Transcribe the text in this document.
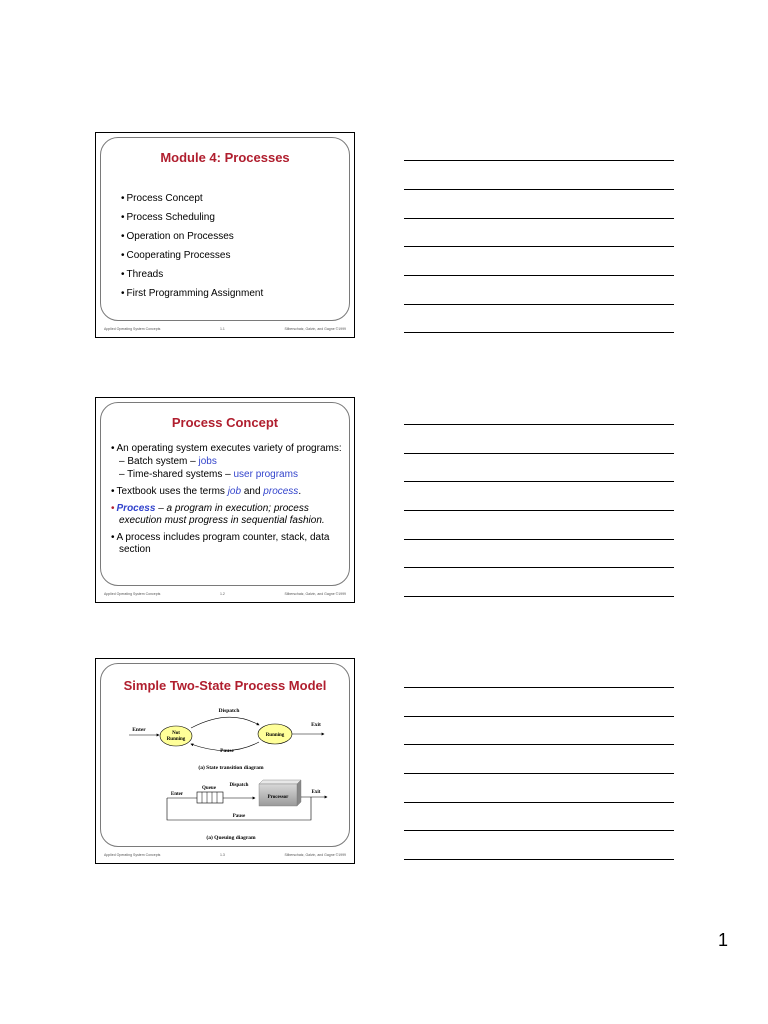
Module 4: Processes
• Process Concept
• Process Scheduling
• Operation on Processes
• Cooperating Processes
• Threads
• First Programming Assignment
Applied Operating System Concepts	1.1	Silberschatz, Galvin, and Gagne ©1999
Process Concept
• An operating system executes variety of programs:
– Batch system – jobs
– Time-shared systems – user programs
• Textbook uses the terms job and process.
• Process – a program in execution; process execution must progress in sequential fashion.
• A process includes program counter, stack, data section
Applied Operating System Concepts	1.2	Silberschatz, Galvin, and Gagne ©1999
Simple Two-State Process Model
Dispatch
Enter
Not
Running
Running
Exit
Pause
(a) State transition diagram
Queue
Dispatch
Enter
Processor
Exit
Pause
(a) Queuing diagram
Applied Operating System Concepts	1.3	Silberschatz, Galvin, and Gagne ©1999
1
